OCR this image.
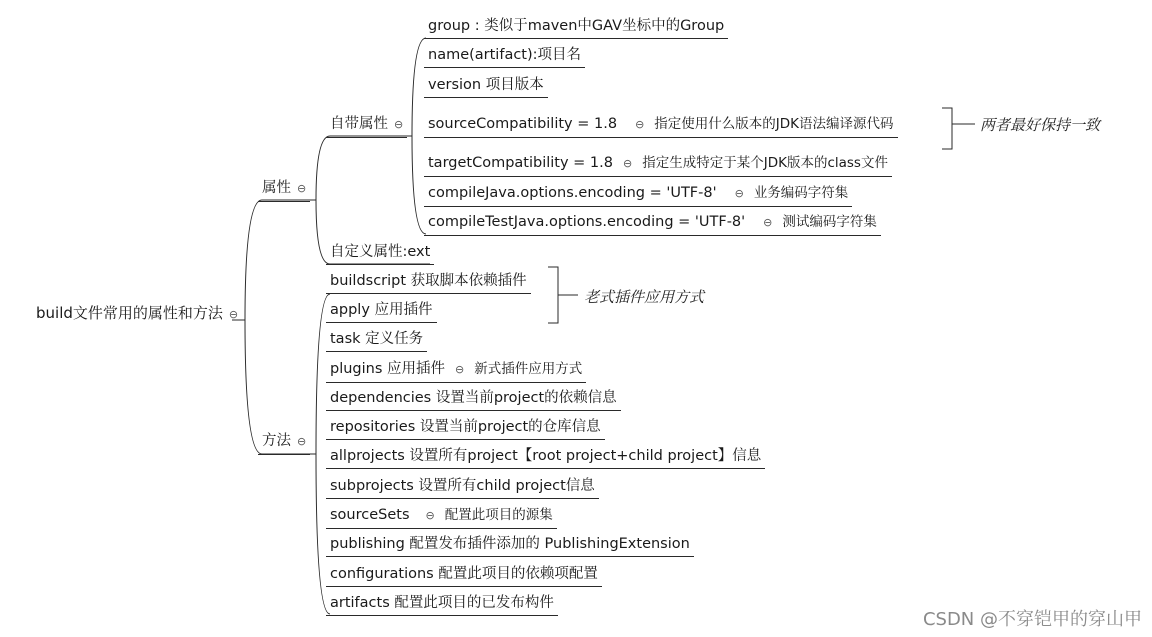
build文件常用的属性和方法 ⊖
属性 ⊖
方法 ⊖
自带属性 ⊖
自定义属性:ext
group : 类似于maven中GAV坐标中的Group
name(artifact):项目名
version 项目版本
sourceCompatibility = 1.8 ⊖ 指定使用什么版本的JDK语法编译源代码
targetCompatibility = 1.8 ⊖ 指定生成特定于某个JDK版本的class文件
compileJava.options.encoding = 'UTF-8' ⊖ 业务编码字符集
compileTestJava.options.encoding = 'UTF-8' ⊖ 测试编码字符集
两者最好保持一致
老式插件应用方式
buildscript 获取脚本依赖插件
apply 应用插件
task 定义任务
plugins 应用插件 ⊖ 新式插件应用方式
dependencies 设置当前project的依赖信息
repositories 设置当前project的仓库信息
allprojects 设置所有project【root project+child project】信息
subprojects 设置所有child project信息
sourceSets ⊖ 配置此项目的源集
publishing 配置发布插件添加的 PublishingExtension
configurations 配置此项目的依赖项配置
artifacts 配置此项目的已发布构件
CSDN @不穿铠甲的穿山甲
